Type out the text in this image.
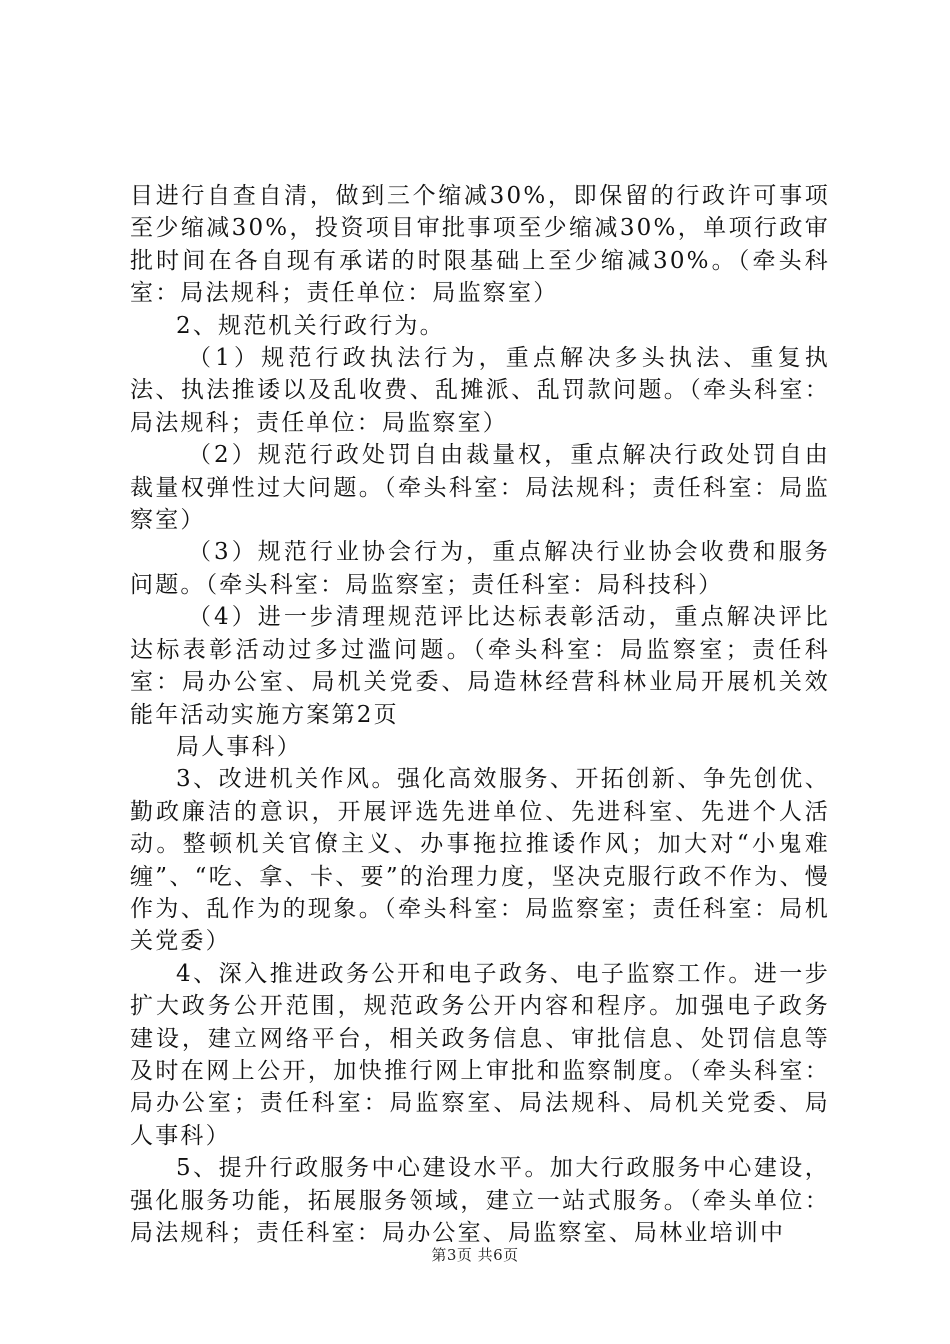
目进行自查自清，做到三个缩减30%，即保留的行政许可事项至少缩减30%，投资项目审批事项至少缩减30%，单项行政审批时间在各自现有承诺的时限基础上至少缩减30%。（牵头科室：局法规科；责任单位：局监察室）

2、规范机关行政行为。

（1）规范行政执法行为，重点解决多头执法、重复执法、执法推诿以及乱收费、乱摊派、乱罚款问题。（牵头科室：局法规科；责任单位：局监察室）

（2）规范行政处罚自由裁量权，重点解决行政处罚自由裁量权弹性过大问题。（牵头科室：局法规科；责任科室：局监察室）

（3）规范行业协会行为，重点解决行业协会收费和服务问题。（牵头科室：局监察室；责任科室：局科技科）

（4）进一步清理规范评比达标表彰活动，重点解决评比达标表彰活动过多过滥问题。（牵头科室：局监察室；责任科室：局办公室、局机关党委、局造林经营科林业局开展机关效能年活动实施方案第2页

局人事科）

3、改进机关作风。强化高效服务、开拓创新、争先创优、勤政廉洁的意识，开展评选先进单位、先进科室、先进个人活动。整顿机关官僚主义、办事拖拉推诿作风；加大对“小鬼难缠”、“吃、拿、卡、要”的治理力度，坚决克服行政不作为、慢作为、乱作为的现象。（牵头科室：局监察室；责任科室：局机关党委）

4、深入推进政务公开和电子政务、电子监察工作。进一步扩大政务公开范围，规范政务公开内容和程序。加强电子政务建设，建立网络平台，相关政务信息、审批信息、处罚信息等及时在网上公开，加快推行网上审批和监察制度。（牵头科室：局办公室；责任科室：局监察室、局法规科、局机关党委、局人事科）

5、提升行政服务中心建设水平。加大行政服务中心建设，强化服务功能，拓展服务领域，建立一站式服务。（牵头单位：局法规科；责任科室：局办公室、局监察室、局林业培训中

第3页 共6页
